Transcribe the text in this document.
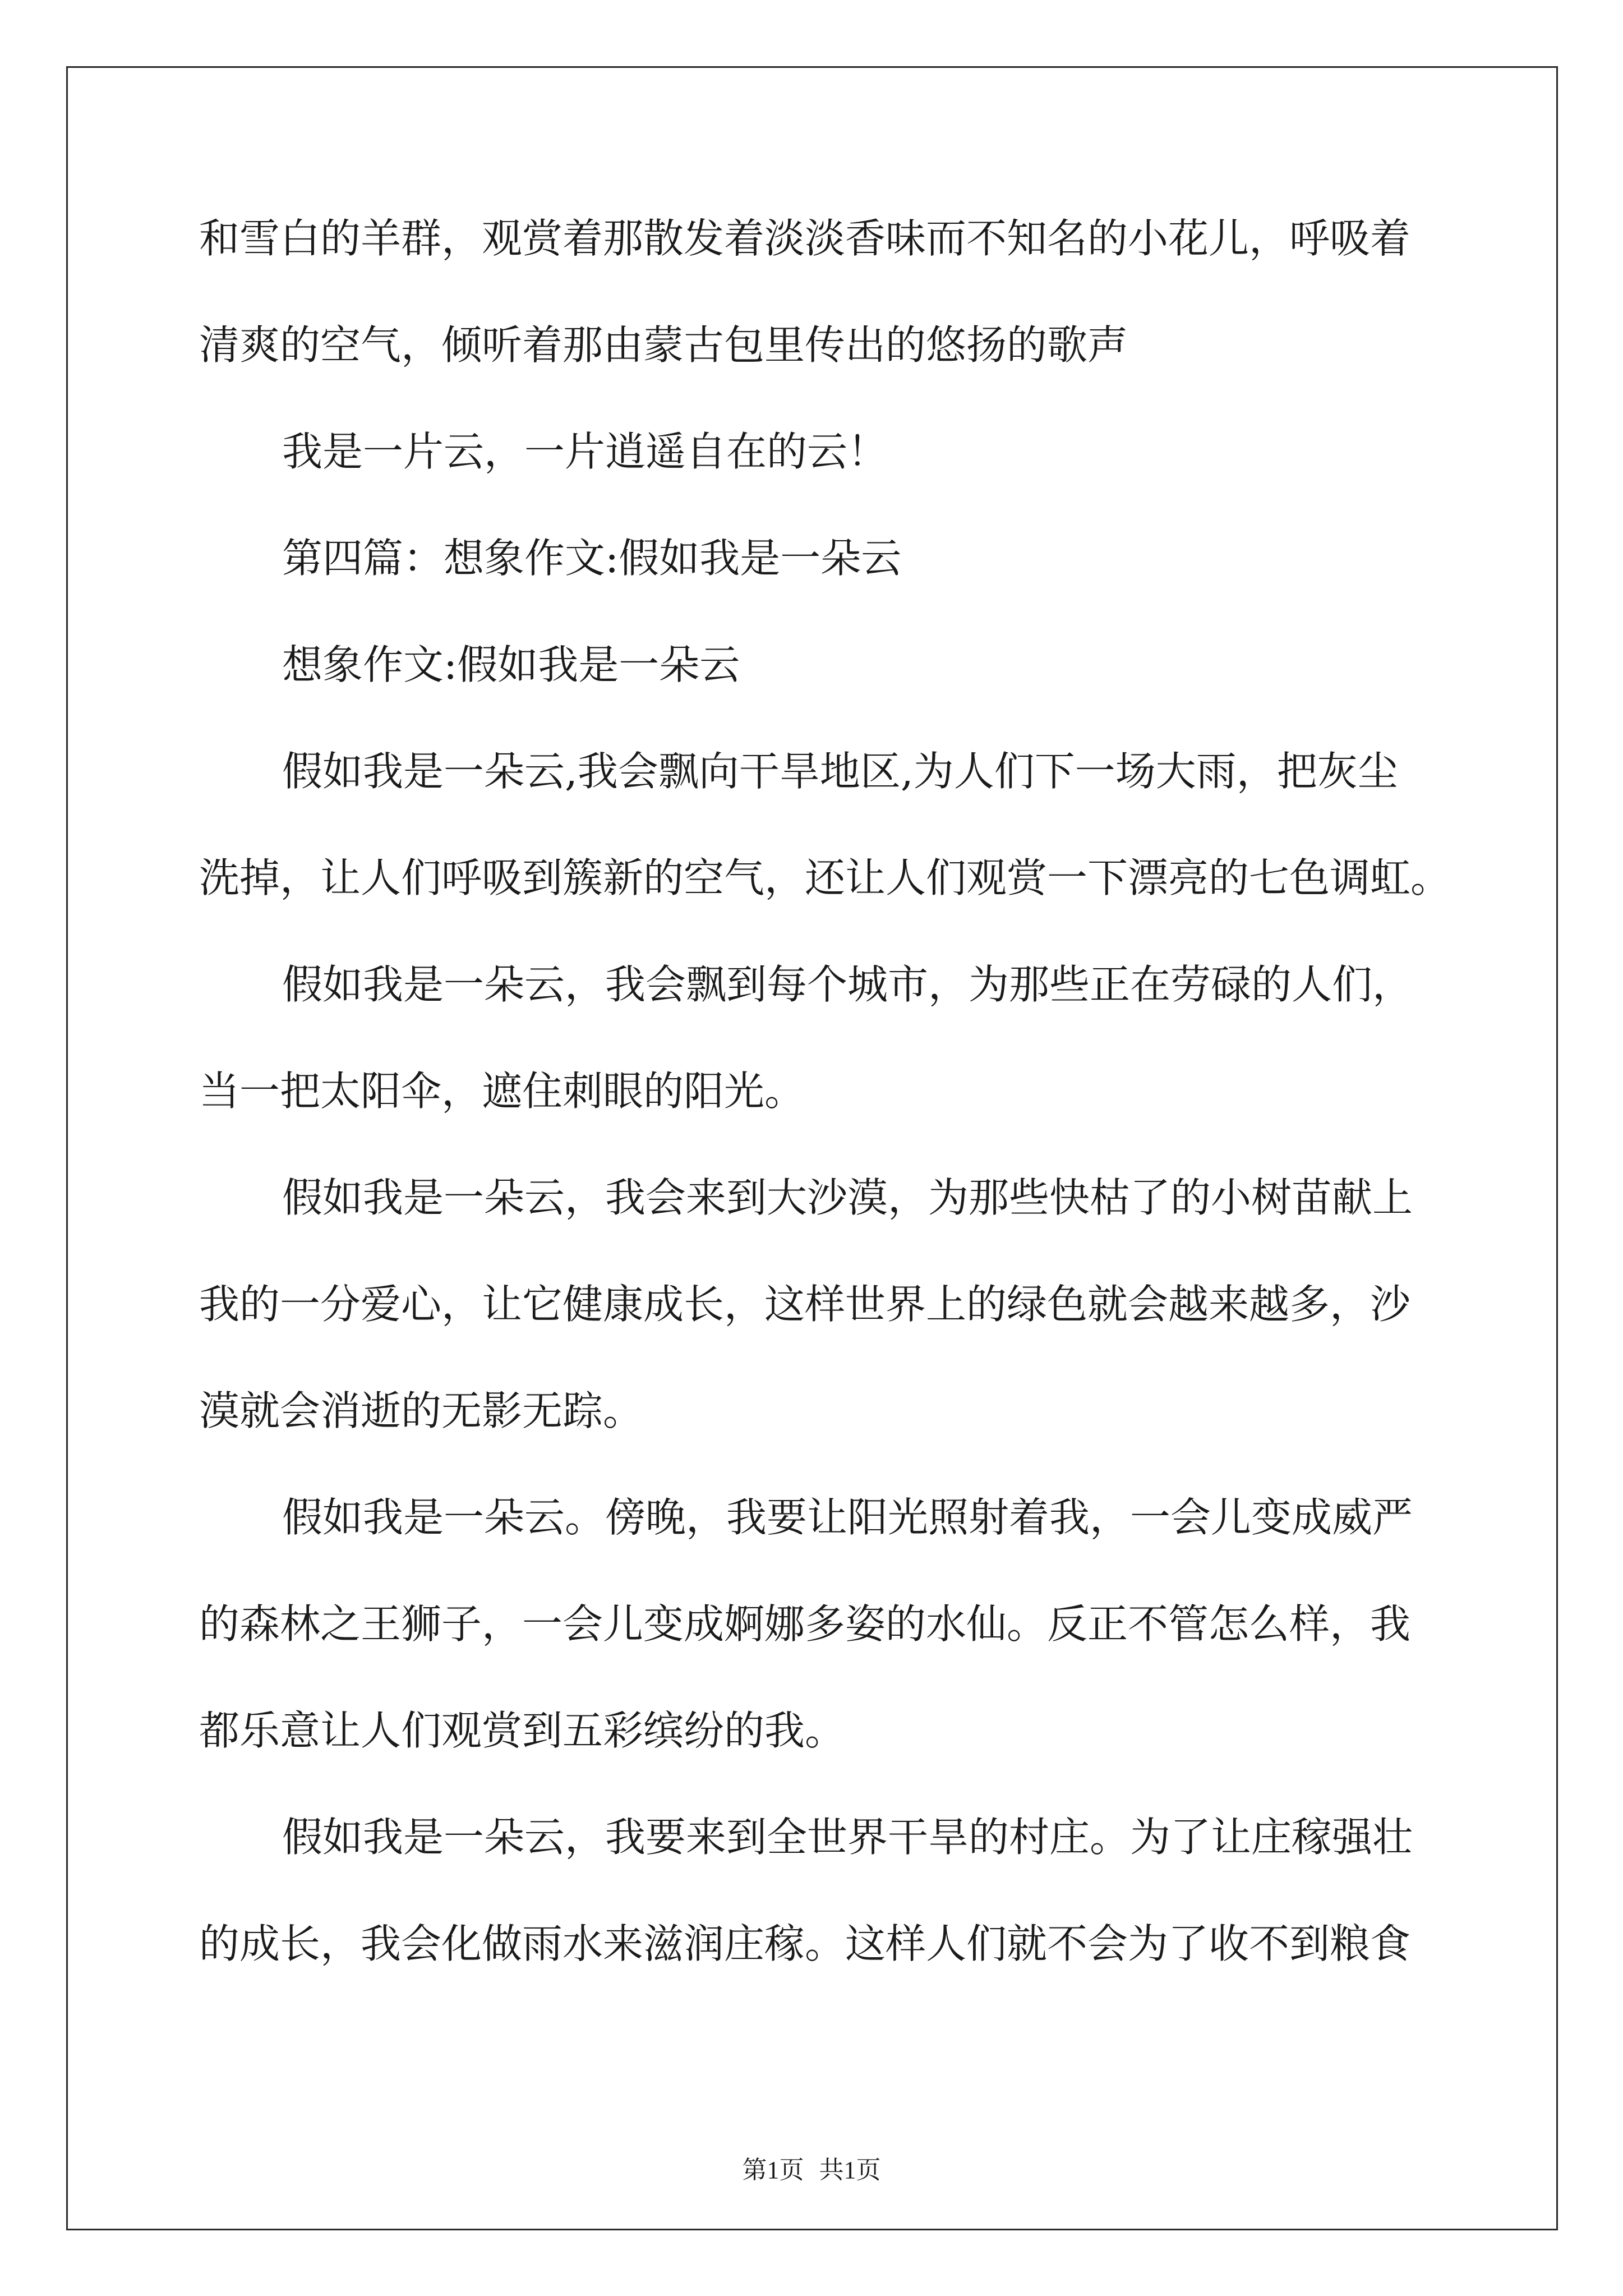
和雪白的羊群，观赏着那散发着淡淡香味而不知名的小花儿，呼吸着
清爽的空气，倾听着那由蒙古包里传出的悠扬的歌声
我是一片云，一片逍遥自在的云！
第四篇：想象作文:假如我是一朵云
想象作文:假如我是一朵云
假如我是一朵云,我会飘向干旱地区,为人们下一场大雨，把灰尘
洗掉，让人们呼吸到簇新的空气，还让人们观赏一下漂亮的七色调虹。
假如我是一朵云，我会飘到每个城市，为那些正在劳碌的人们，
当一把太阳伞，遮住刺眼的阳光。
假如我是一朵云，我会来到大沙漠，为那些快枯了的小树苗献上
我的一分爱心，让它健康成长，这样世界上的绿色就会越来越多，沙
漠就会消逝的无影无踪。
假如我是一朵云。傍晚，我要让阳光照射着我，一会儿变成威严
的森林之王狮子，一会儿变成婀娜多姿的水仙。反正不管怎么样，我
都乐意让人们观赏到五彩缤纷的我。
假如我是一朵云，我要来到全世界干旱的村庄。为了让庄稼强壮
的成长，我会化做雨水来滋润庄稼。这样人们就不会为了收不到粮食
第1页 共1页
